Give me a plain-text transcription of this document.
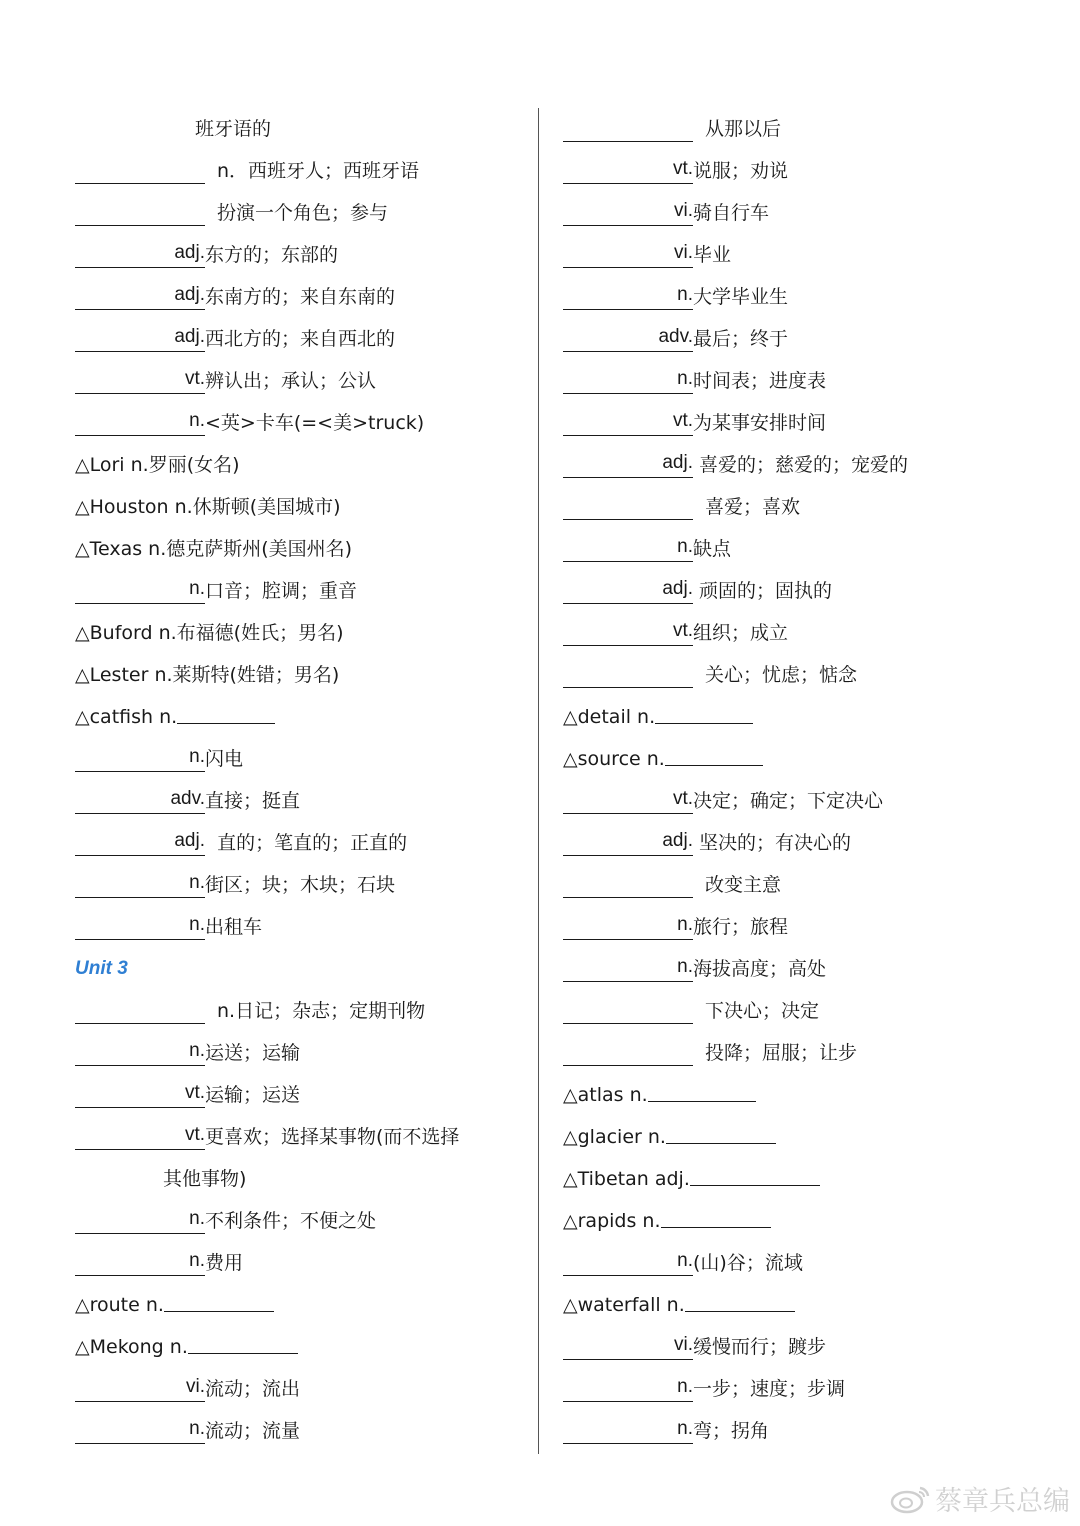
班牙语的
n．西班牙人；西班牙语
扮演一个角色；参与
adj. 东方的；东部的
adj. 东南方的；来自东南的
adj. 西北方的；来自西北的
vt. 辨认出；承认；公认
n. <英>卡车(=<美>truck)
△Lori n.罗丽(女名)
△Houston n.休斯顿(美国城市)
△Texas n.德克萨斯州(美国州名)
n. 口音；腔调；重音
△Buford n.布福德(姓氏；男名)
△Lester n.莱斯特(姓错；男名)
△catfish n.
n. 闪电
adv. 直接；挺直
adj. 直的；笔直的；正直的
n. 街区；块；木块；石块
n. 出租车
Unit 3
n.日记；杂志；定期刊物
n. 运送；运输
vt. 运输；运送
vt. 更喜欢；选择某事物(而不选择
其他事物)
n. 不利条件；不便之处
n. 费用
△route n.
△Mekong n.
vi. 流动；流出
n. 流动；流量
从那以后
vt. 说服；劝说
vi. 骑自行车
vi. 毕业
n. 大学毕业生
adv. 最后；终于
n. 时间表；进度表
vt. 为某事安排时间
adj. 喜爱的；慈爱的；宠爱的
喜爱；喜欢
n. 缺点
adj. 顽固的；固执的
vt. 组织；成立
关心；忧虑；惦念
△detail n.
△source n.
vt. 决定；确定；下定决心
adj. 坚决的；有决心的
改变主意
n. 旅行；旅程
n. 海拔高度；高处
下决心；决定
投降；屈服；让步
△atlas n.
△glacier n.
△Tibetan adj.
△rapids n.
n. (山)谷；流域
△waterfall n.
vi. 缓慢而行；踱步
n. 一步；速度；步调
n. 弯；拐角
蔡章兵总编
